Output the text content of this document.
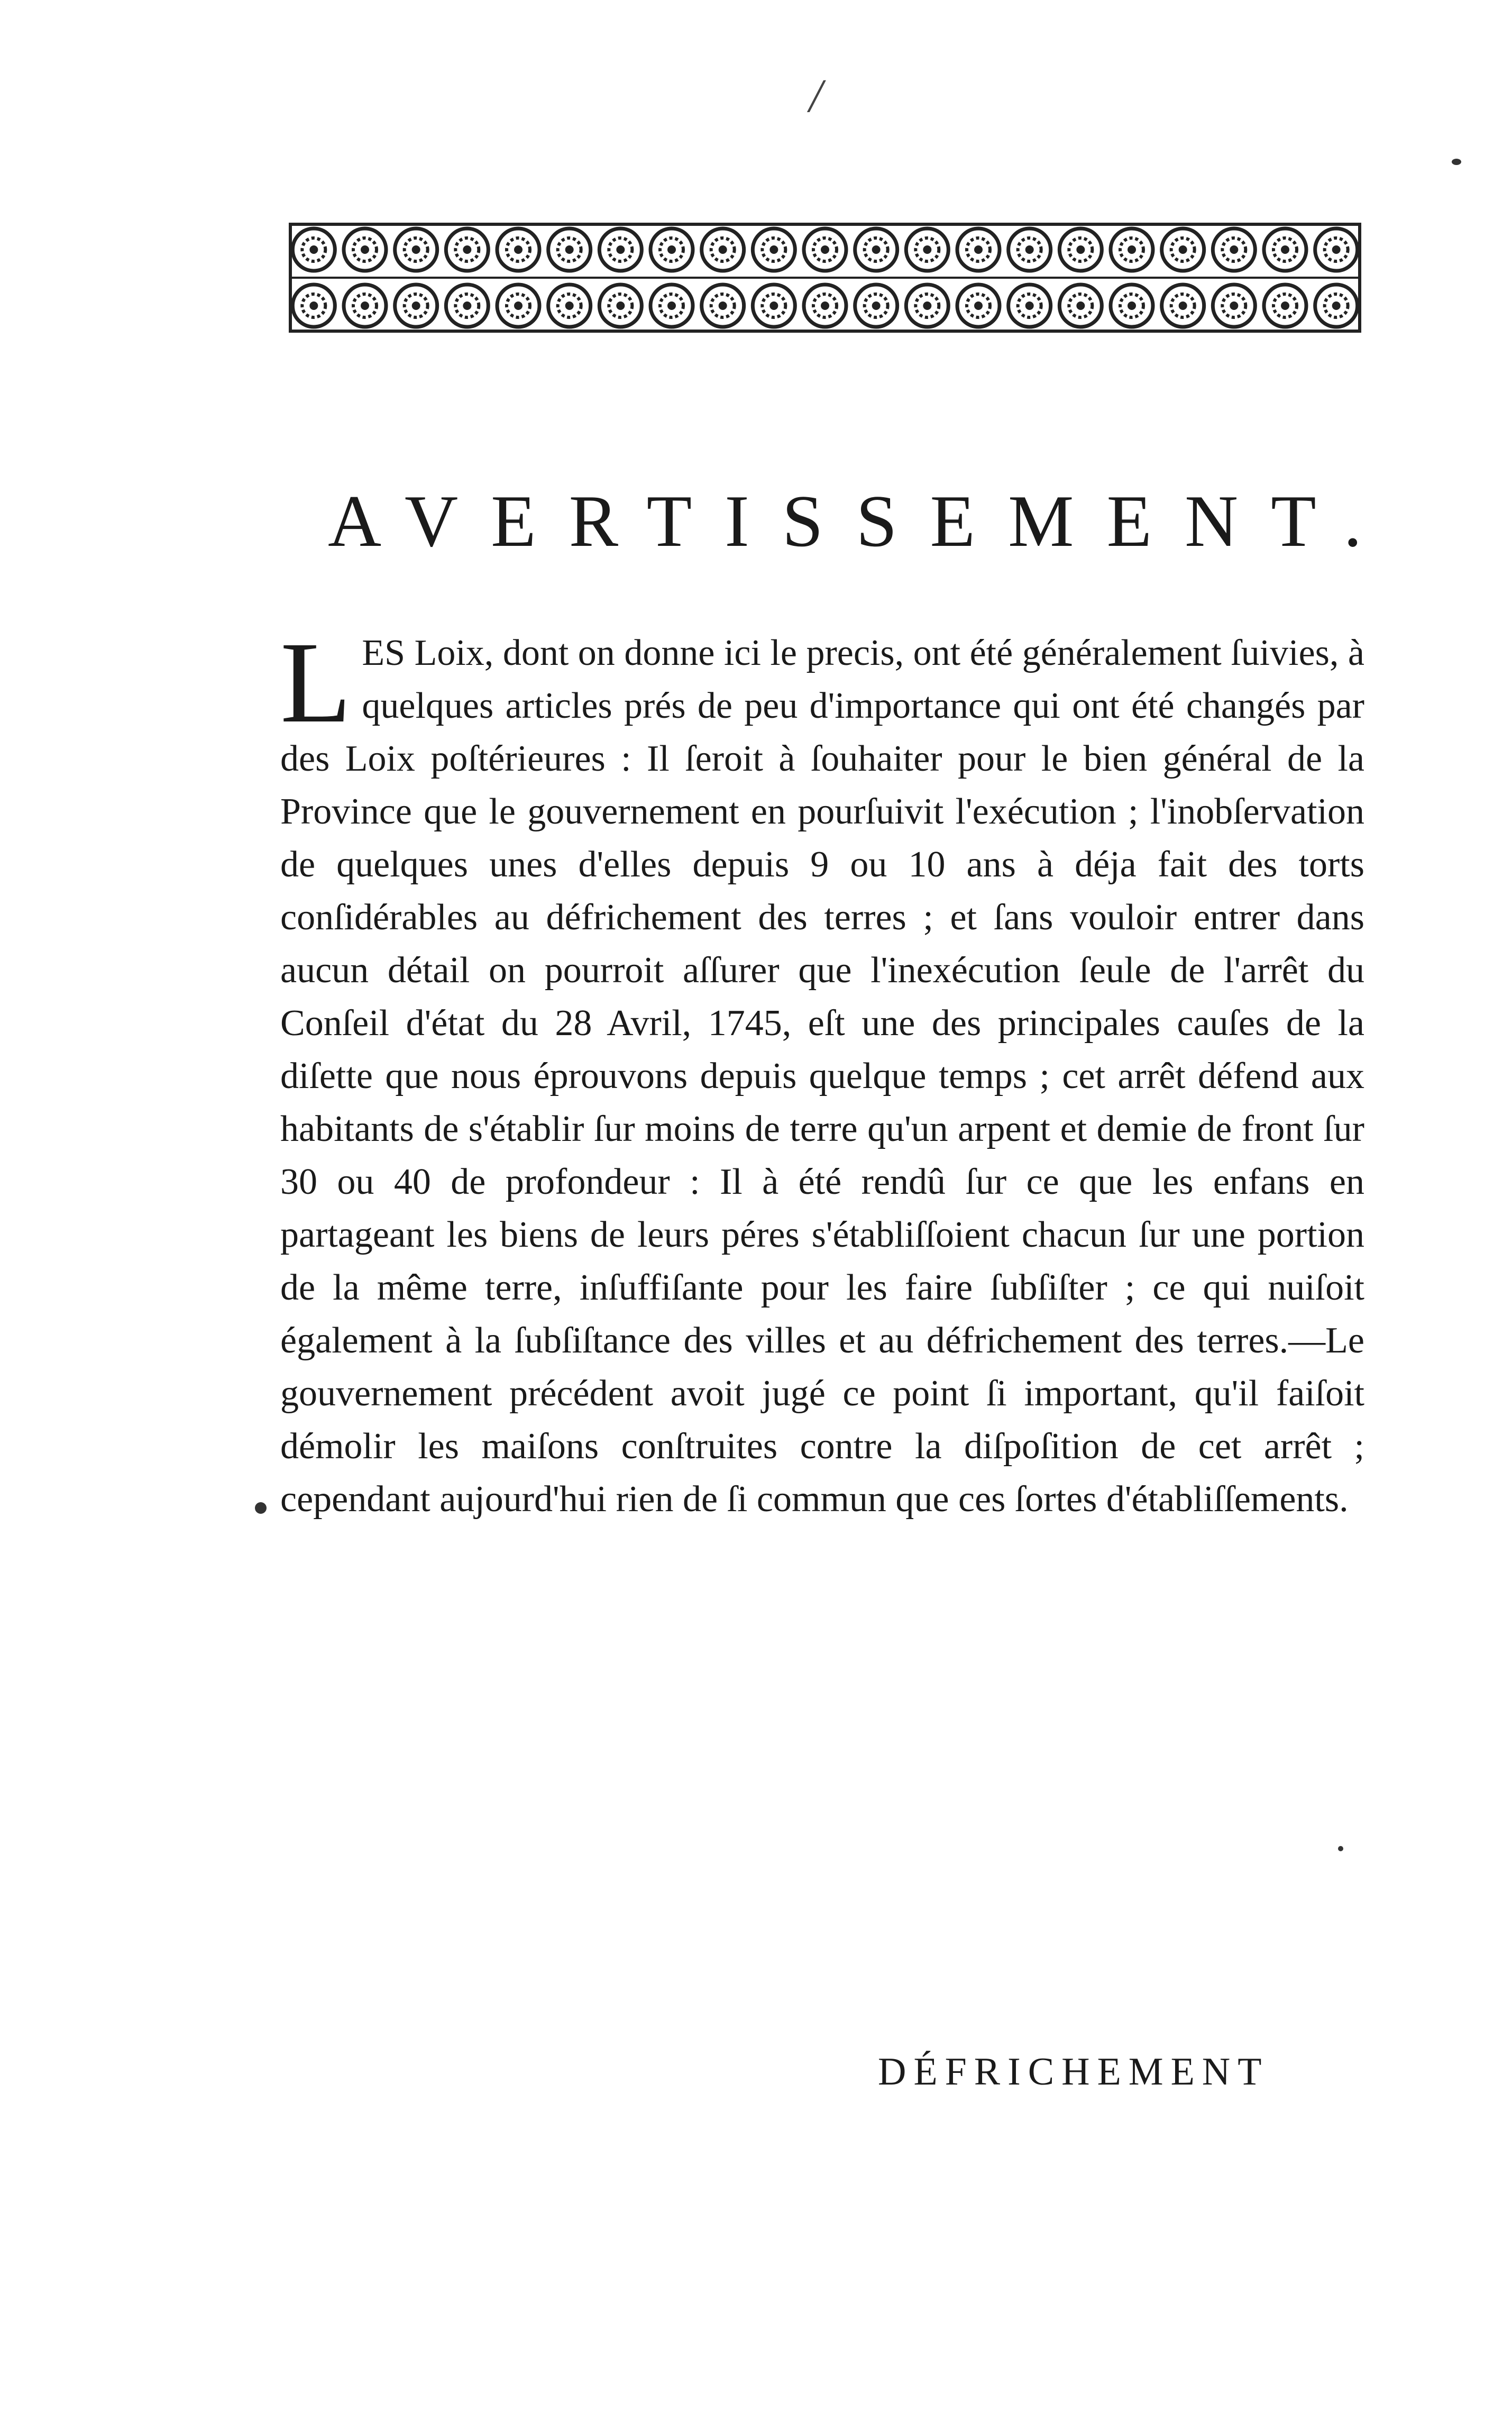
/
AVERTISSEMENT.
L ES Loix, dont on donne ici le precis, ont été généralement ſuivies, à quelques articles prés de peu d'importance qui ont été changés par des Loix poſtérieures : Il ſeroit à ſouhaiter pour le bien général de la Province que le gouvernement en pourſuivit l'exécution ; l'inobſervation de quelques unes d'elles depuis 9 ou 10 ans à déja fait des torts conſidérables au défrichement des terres ; et ſans vouloir entrer dans aucun détail on pourroit aſſurer que l'inexécution ſeule de l'arrêt du Conſeil d'état du 28 Avril, 1745, eſt une des principales cauſes de la diſette que nous éprouvons depuis quelque temps ; cet arrêt défend aux habitants de s'établir ſur moins de terre qu'un arpent et demie de front ſur 30 ou 40 de profondeur : Il à été rendû ſur ce que les enfans en partageant les biens de leurs péres s'établiſſoient chacun ſur une portion de la même terre, inſuffiſante pour les faire ſubſiſter ; ce qui nuiſoit également à la ſubſiſtance des villes et au défrichement des terres.—Le gouvernement précédent avoit jugé ce point ſi important, qu'il faiſoit démolir les maiſons conſtruites contre la diſpoſition de cet arrêt ; cependant aujourd'hui rien de ſi commun que ces ſortes d'établiſſements.
DÉFRICHEMENT
